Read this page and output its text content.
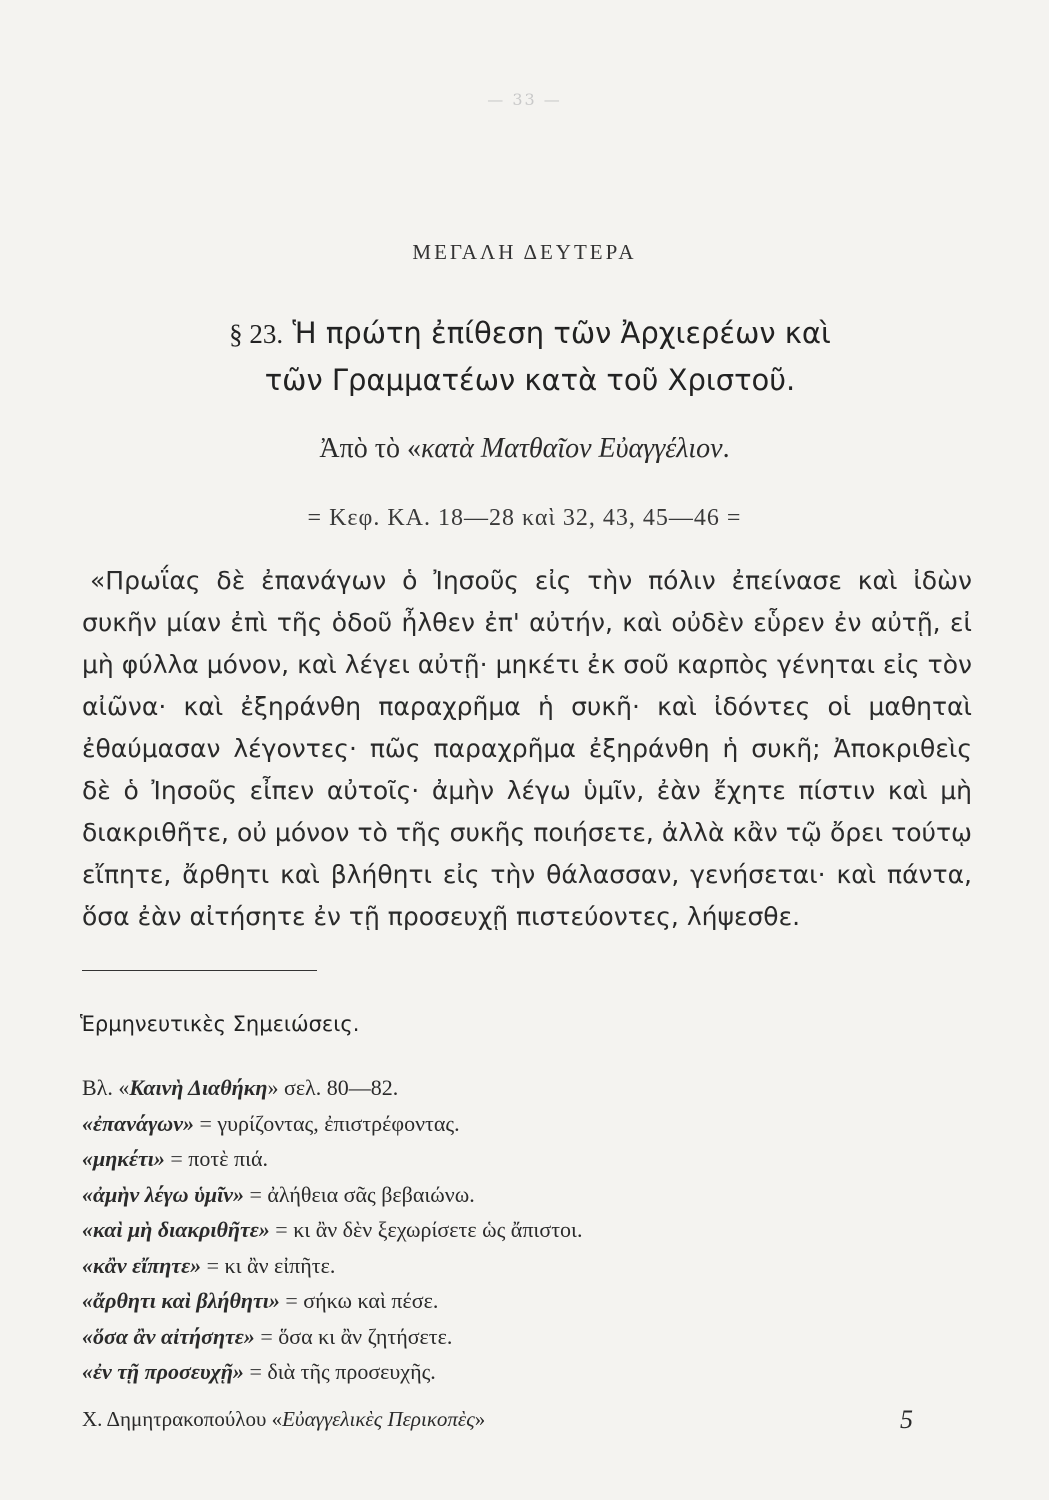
— 33 —
ΜΕΓΑΛΗ ΔΕΥΤΕΡΑ
§ 23. Ἡ πρώτη ἐπίθεση τῶν Ἀρχιερέων καὶ
τῶν Γραμματέων κατὰ τοῦ Χριστοῦ.
Ἀπὸ τὸ «κατὰ Ματθαῖον Εὐαγγέλιον.
= Κεφ. ΚΑ. 18—28 καὶ 32, 43, 45—46 =

«Πρωΐας δὲ ἐπανάγων ὁ Ἰησοῦς εἰς τὴν πόλιν ἐπείνασε καὶ ἰδὼν συκῆν μίαν ἐπὶ τῆς ὁδοῦ ἦλθεν ἐπ' αὐτήν, καὶ οὐδὲν εὗρεν ἐν αὐτῇ, εἰ μὴ φύλλα μόνον, καὶ λέγει αὐτῇ· μηκέτι ἐκ σοῦ καρπὸς γένηται εἰς τὸν αἰῶνα· καὶ ἐξηράνθη παραχρῆμα ἡ συκῆ· καὶ ἰδόντες οἱ μαθηταὶ ἐθαύμασαν λέγοντες· πῶς παραχρῆμα ἐξηράνθη ἡ συκῆ; Ἀποκριθεὶς δὲ ὁ Ἰησοῦς εἶπεν αὐτοῖς· ἀμὴν λέγω ὑμῖν, ἐὰν ἔχητε πίστιν καὶ μὴ διακριθῆτε, οὐ μόνον τὸ τῆς συκῆς ποιήσετε, ἀλλὰ κἂν τῷ ὄρει τούτῳ εἴπητε, ἄρθητι καὶ βλήθητι εἰς τὴν θάλασσαν, γενήσεται· καὶ πάντα, ὅσα ἐὰν αἰτήσητε ἐν τῇ προσευχῇ πιστεύοντες, λήψεσθε.

Ἑρμηνευτικὲς Σημειώσεις.
Βλ. «Καινὴ Διαθήκη» σελ. 80—82.
«ἐπανάγων» = γυρίζοντας, ἐπιστρέφοντας.
«μηκέτι» = ποτὲ πιά.
«ἀμὴν λέγω ὑμῖν» = ἀλήθεια σᾶς βεβαιώνω.
«καὶ μὴ διακριθῆτε» = κι ἂν δὲν ξεχωρίσετε ὡς ἄπιστοι.
«κἂν εἴπητε» = κι ἂν εἰπῆτε.
«ἄρθητι καὶ βλήθητι» = σήκω καὶ πέσε.
«ὅσα ἂν αἰτήσητε» = ὅσα κι ἂν ζητήσετε.
«ἐν τῇ προσευχῇ» = διὰ τῆς προσευχῆς.
Χ. Δημητρακοπούλου «Εὐαγγελικὲς Περικοπὲς»	5
